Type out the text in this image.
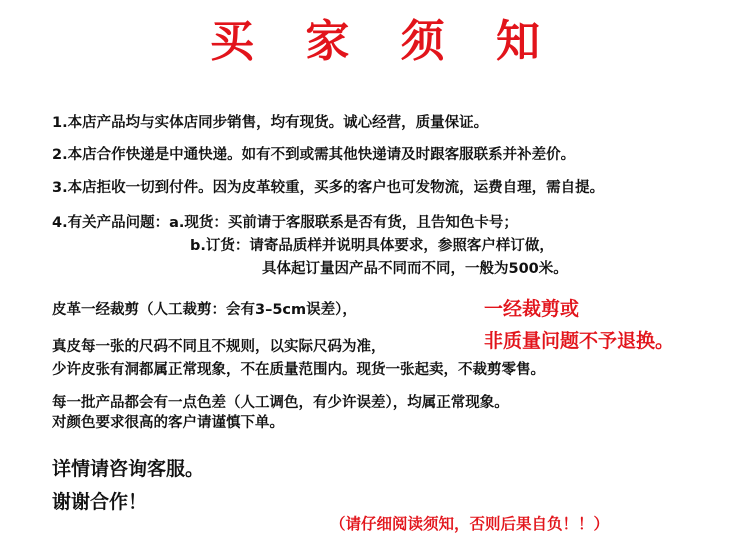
买 家 须 知
1.本店产品均与实体店同步销售，均有现货。诚心经营，质量保证。
2.本店合作快递是中通快递。如有不到或需其他快递请及时跟客服联系并补差价。
3.本店拒收一切到付件。因为皮革较重，买多的客户也可发物流，运费自理，需自提。
4.有关产品问题：a.现货：买前请于客服联系是否有货，且告知色卡号；
b.订货：请寄品质样并说明具体要求，参照客户样订做，
具体起订量因产品不同而不同，一般为500米。
皮革一经裁剪（人工裁剪：会有3–5cm误差），	一经裁剪或
真皮每一张的尺码不同且不规则，以实际尺码为准，	非质量问题不予退换。
少许皮张有洞都属正常现象，不在质量范围内。现货一张起卖，不裁剪零售。
每一批产品都会有一点色差（人工调色，有少许误差），均属正常现象。
对颜色要求很高的客户请谨慎下单。
详情请咨询客服。
谢谢合作！
（请仔细阅读须知，否则后果自负！！）
